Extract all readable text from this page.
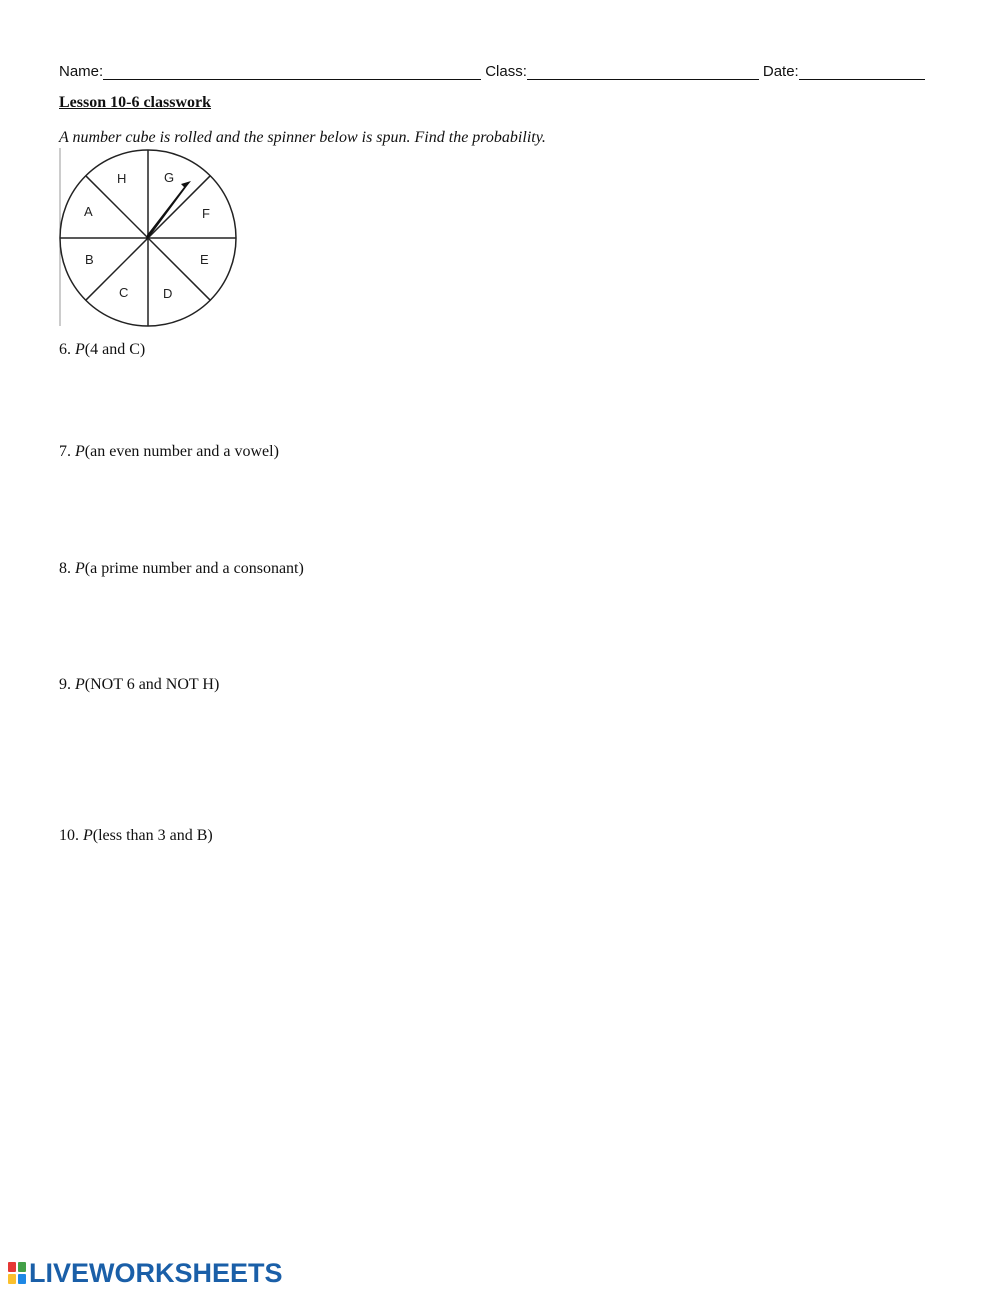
Name:	Class:	Date:
Lesson 10-6 classwork
A number cube is rolled and the spinner below is spun. Find the probability.
H	G
F
E
D
C
B
A
6. P(4 and C)
7. P(an even number and a vowel)
8. P(a prime number and a consonant)
9. P(NOT 6 and NOT H)
10. P(less than 3 and B)
LIVEWORKSHEETS
